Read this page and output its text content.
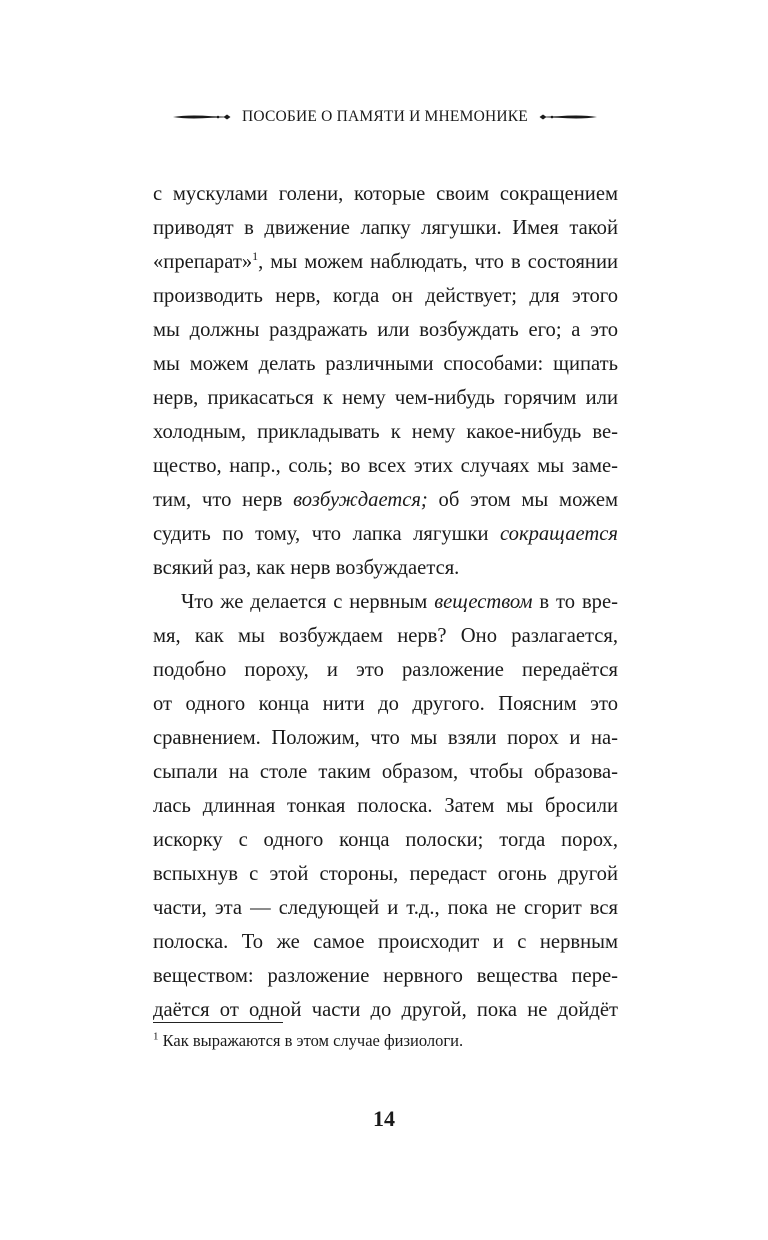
ПОСОБИЕ О ПАМЯТИ И МНЕМОНИКЕ
с мускулами голени, которые своим сокращением
приводят в движение лапку лягушки. Имея такой
«препарат»$^1$, мы можем наблюдать, что в состоянии
производить нерв, когда он действует; для этого
мы должны раздражать или возбуждать его; а это
мы можем делать различными способами: щипать
нерв, прикасаться к нему чем-нибудь горячим или
холодным, прикладывать к нему какое-нибудь ве-
щество, напр., соль; во всех этих случаях мы заме-
тим, что нерв возбуждается; об этом мы можем
судить по тому, что лапка лягушки сокращается
всякий раз, как нерв возбуждается.
Что же делается с нервным веществом в то вре-
мя, как мы возбуждаем нерв? Оно разлагается,
подобно пороху, и это разложение передаётся
от одного конца нити до другого. Поясним это
сравнением. Положим, что мы взяли порох и на-
сыпали на столе таким образом, чтобы образова-
лась длинная тонкая полоска. Затем мы бросили
искорку с одного конца полоски; тогда порох,
вспыхнув с этой стороны, передаст огонь другой
части, эта — следующей и т.д., пока не сгорит вся
полоска. То же самое происходит и с нервным
веществом: разложение нервного вещества пере-
даётся от одной части до другой, пока не дойдёт
$^1$ Как выражаются в этом случае физиологи.
14
